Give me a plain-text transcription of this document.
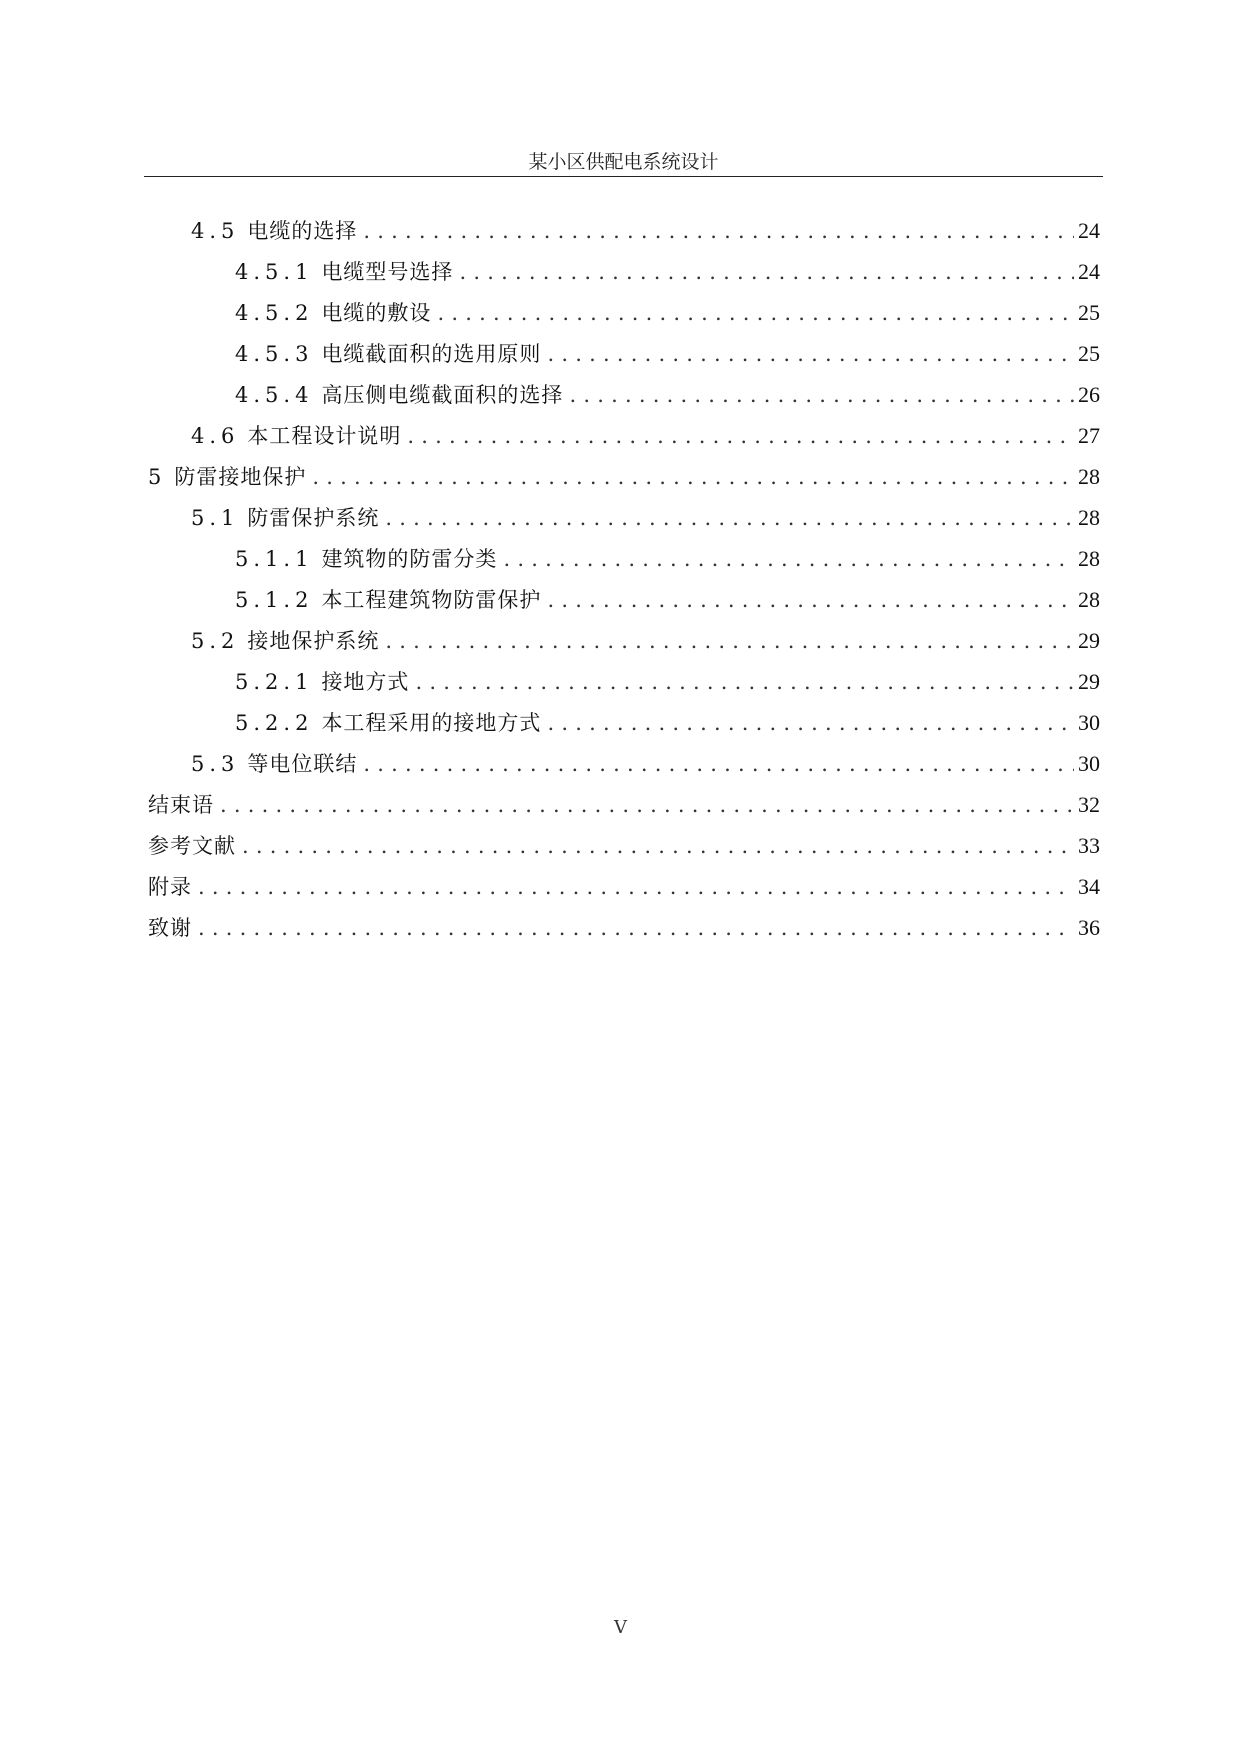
某小区供配电系统设计
4.5 电缆的选择 .....	24
4.5.1 电缆型号选择 .....	24
4.5.2 电缆的敷设 .....	25
4.5.3 电缆截面积的选用原则 .....	25
4.5.4 高压侧电缆截面积的选择 .....	26
4.6 本工程设计说明 .....	27
5 防雷接地保护 .....	28
5.1 防雷保护系统 .....	28
5.1.1 建筑物的防雷分类 .....	28
5.1.2 本工程建筑物防雷保护 .....	28
5.2 接地保护系统 .....	29
5.2.1 接地方式 .....	29
5.2.2 本工程采用的接地方式 .....	30
5.3 等电位联结 .....	30
结束语 .....	32
参考文献 .....	33
附录 .....	34
致谢 .....	36
V
